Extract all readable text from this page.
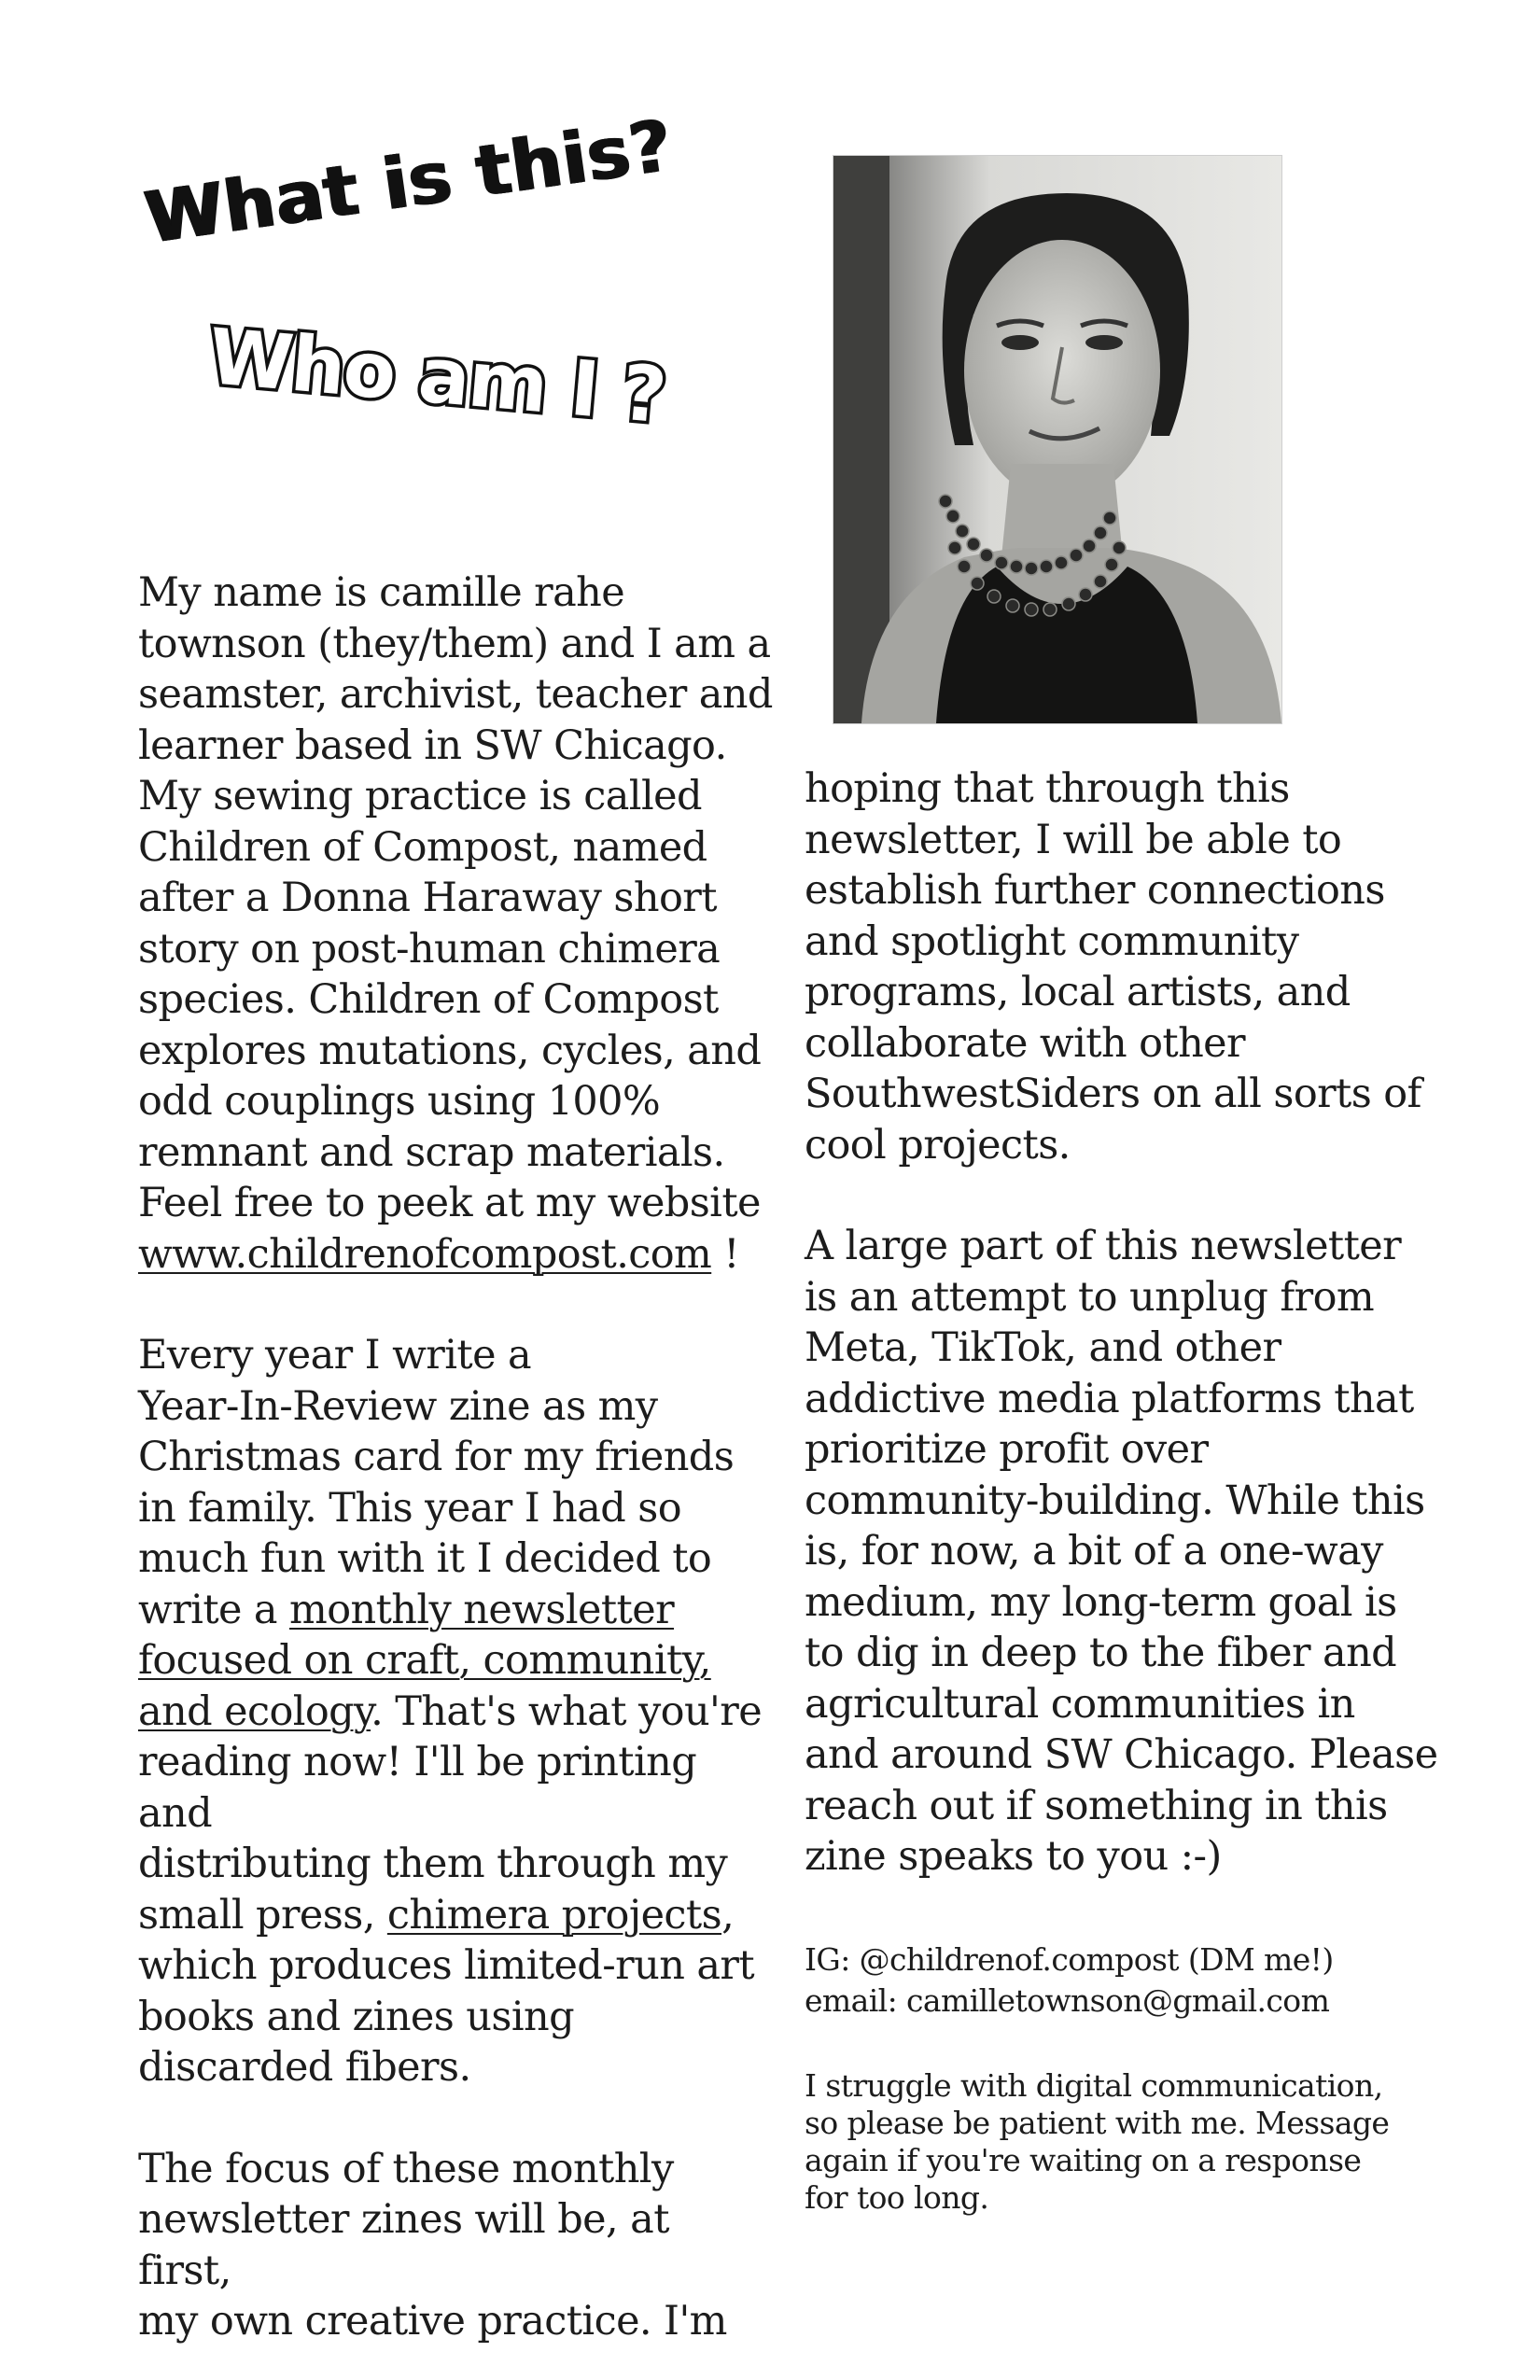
What is this?
Who am I ?

My name is camille rahe
townson (they/them) and I am a
seamster, archivist, teacher and
learner based in SW Chicago.
My sewing practice is called
Children of Compost, named
after a Donna Haraway short
story on post-human chimera
species. Children of Compost
explores mutations, cycles, and
odd couplings using 100%
remnant and scrap materials.
Feel free to peek at my website
www.childrenofcompost.com !

Every year I write a
Year-In-Review zine as my
Christmas card for my friends
in family. This year I had so
much fun with it I decided to
write a monthly newsletter
focused on craft, community,
and ecology. That's what you're
reading now! I'll be printing and
distributing them through my
small press, chimera projects,
which produces limited-run art
books and zines using
discarded fibers.

The focus of these monthly
newsletter zines will be, at first,
my own creative practice. I'm

hoping that through this
newsletter, I will be able to
establish further connections
and spotlight community
programs, local artists, and
collaborate with other
SouthwestSiders on all sorts of
cool projects.

A large part of this newsletter
is an attempt to unplug from
Meta, TikTok, and other
addictive media platforms that
prioritize profit over
community-building. While this
is, for now, a bit of a one-way
medium, my long-term goal is
to dig in deep to the fiber and
agricultural communities in
and around SW Chicago. Please
reach out if something in this
zine speaks to you :-)

IG: @childrenof.compost (DM me!)

email: camilletownson@gmail.com

I struggle with digital communication,
so please be patient with me. Message
again if you're waiting on a response
for too long.
